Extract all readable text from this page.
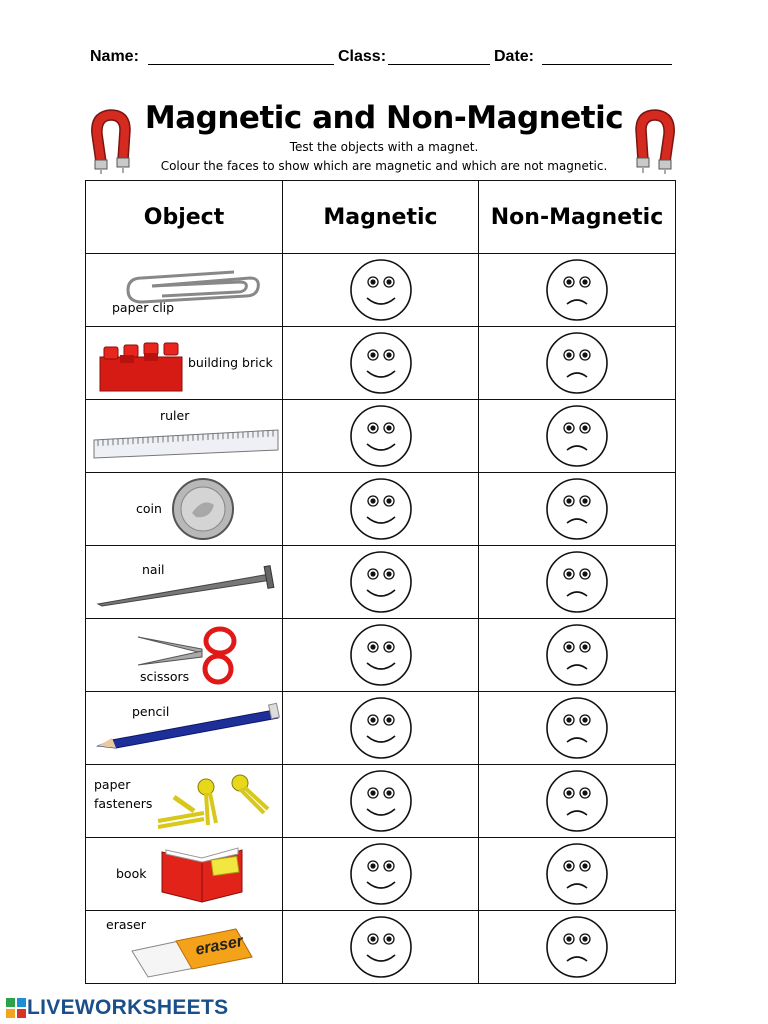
Name:	Class:	Date:
Magnetic and Non-Magnetic
Test the objects with a magnet.
Colour the faces to show which are magnetic and which are not magnetic.
Object	Magnetic	Non-Magnetic

paper clip

building brick

ruler

coin

nail

scissors

pencil

paper
fasteners

book

eraser
eraser

LIVEWORKSHEETS
